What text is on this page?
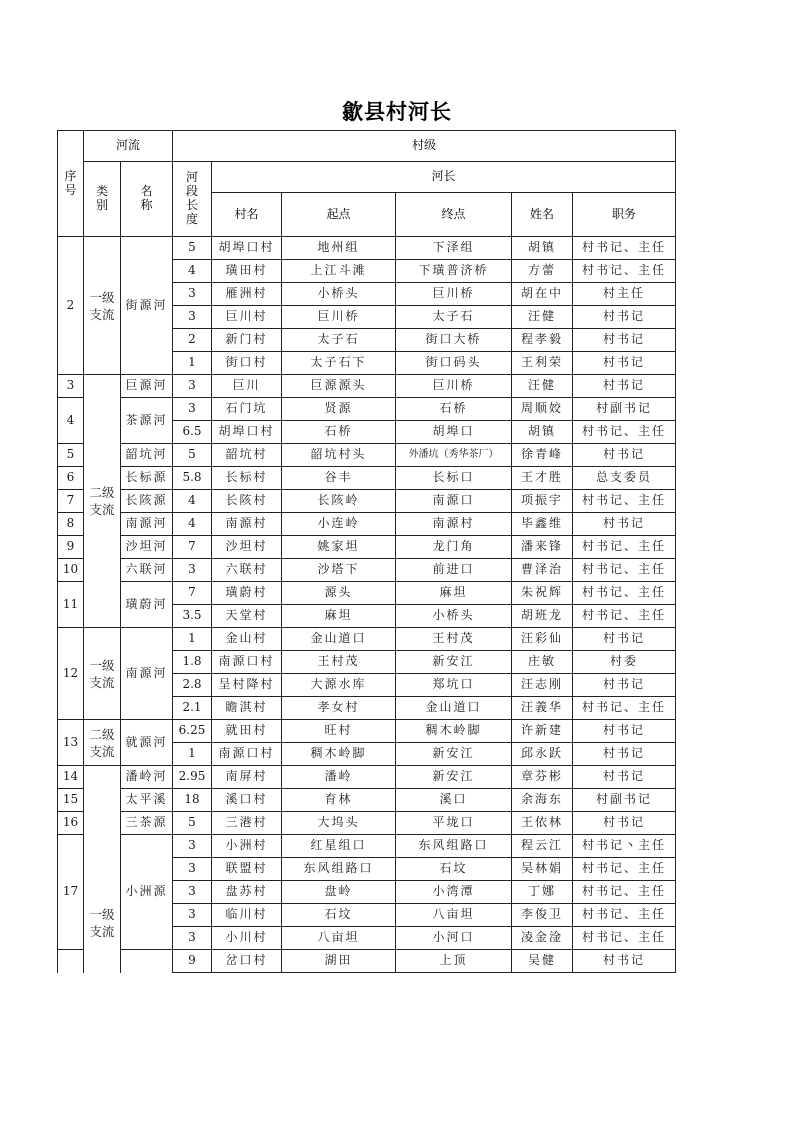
歙县村河长
序号	河流		村级					

	类别	名称	河段长度	河长				
				村名	起点	终点	姓名	职务
2	一级支流	街源河	5	胡埠口村	地州组	下泽组	胡镇	村书记、主任
			4	璜田村	上江斗滩	下璜普济桥	方蕾	村书记、主任
			3	雁洲村	小桥头	巨川桥	胡在中	村主任
			3	巨川村	巨川桥	太子石	汪健	村书记
			2	新门村	太子石	街口大桥	程孝毅	村书记
			1	街口村	太子石下	街口码头	王利荣	村书记
3	二级支流	巨源河	3	巨川	巨源源头	巨川桥	汪健	村书记
4		茶源河	3	石门坑	贤源	石桥	周顺姣	村副书记
			6.5	胡埠口村	石桥	胡埠口	胡镇	村书记、主任
5		韶坑河	5	韶坑村	韶坑村头	外潘坑（秀华茶厂）	徐青峰	村书记
6		长标源	5.8	长标村	谷丰	长标口	王才胜	总支委员
7		长陔源	4	长陔村	长陔岭	南源口	项振宇	村书记、主任
8		南源河	4	南源村	小连岭	南源村	毕鑫维	村书记
9		沙坦河	7	沙坦村	姚家坦	龙门角	潘来锋	村书记、主任
10		六联河	3	六联村	沙塔下	前进口	曹泽治	村书记、主任
11		璜蔚河	7	璜蔚村	源头	麻坦	朱祝辉	村书记、主任
			3.5	天堂村	麻坦	小桥头	胡班龙	村书记、主任
12	一级支流	南源河	1	金山村	金山道口	王村茂	汪彩仙	村书记
			1.8	南源口村	王村茂	新安江	庄敏	村委
			2.8	呈村降村	大源水库	郑坑口	汪志刚	村书记
			2.1	瞻淇村	孝女村	金山道口	汪義华	村书记、主任
13	二级支流	就源河	6.25	就田村	旺村	稠木岭脚	许新建	村书记
			1	南源口村	稠木岭脚	新安江	邱永跃	村书记
14	一级支流	潘岭河	2.95	南屏村	潘岭	新安江	章芬彬	村书记
15		太平溪	18	溪口村	育林	溪口	余海东	村副书记
16		三茶源	5	三港村	大坞头	平垅口	王依林	村书记
17		小洲源	3	小洲村	红星组口	东风组路口	程云江	村书记丶主任
			3	联盟村	东风组路口	石坟	吴林娟	村书记、主任
			3	盘苏村	盘岭	小湾潭	丁娜	村书记、主任
			3	临川村	石坟	八亩坦	李俊卫	村书记、主任
			3	小川村	八亩坦	小河口	凌金淦	村书记、主任
			9	岔口村	湖田	上顶	吴健	村书记
